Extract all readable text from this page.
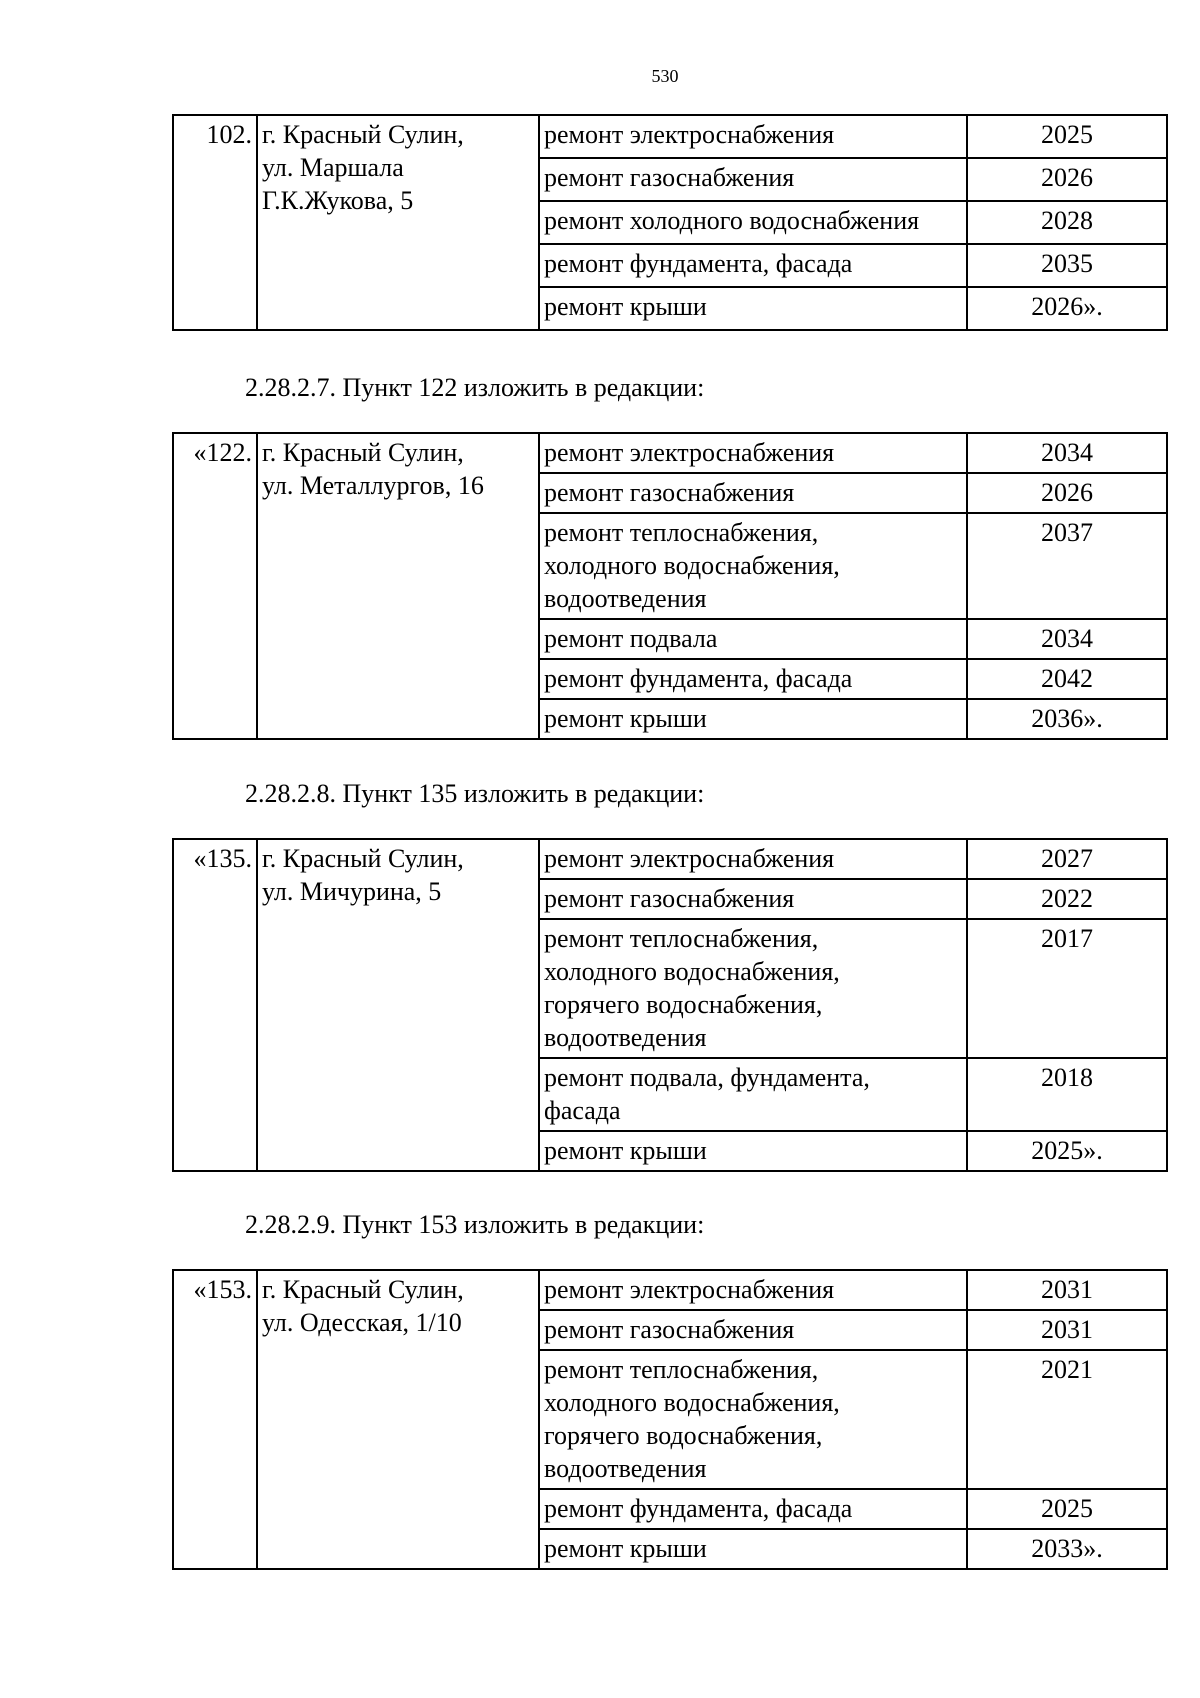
530
102.	г. Красный Сулин,
ул. Маршала
Г.К.Жукова, 5	ремонт электроснабжения	2025
		ремонт газоснабжения	2026
		ремонт холодного водоснабжения	2028
		ремонт фундамента, фасада	2035
		ремонт крыши	2026».
2.28.2.7. Пункт 122 изложить в редакции:
«122.	г. Красный Сулин,
ул. Металлургов, 16	ремонт электроснабжения	2034
		ремонт газоснабжения	2026
		ремонт теплоснабжения,
холодного водоснабжения,
водоотведения	2037
		ремонт подвала	2034
		ремонт фундамента, фасада	2042
		ремонт крыши	2036».
2.28.2.8. Пункт 135 изложить в редакции:
«135.	г. Красный Сулин,
ул. Мичурина, 5	ремонт электроснабжения	2027
		ремонт газоснабжения	2022
		ремонт теплоснабжения,
холодного водоснабжения,
горячего водоснабжения,
водоотведения	2017
		ремонт подвала, фундамента,
фасада	2018
		ремонт крыши	2025».
2.28.2.9. Пункт 153 изложить в редакции:
«153.	г. Красный Сулин,
ул. Одесская, 1/10	ремонт электроснабжения	2031
		ремонт газоснабжения	2031
		ремонт теплоснабжения,
холодного водоснабжения,
горячего водоснабжения,
водоотведения	2021
		ремонт фундамента, фасада	2025
		ремонт крыши	2033».
